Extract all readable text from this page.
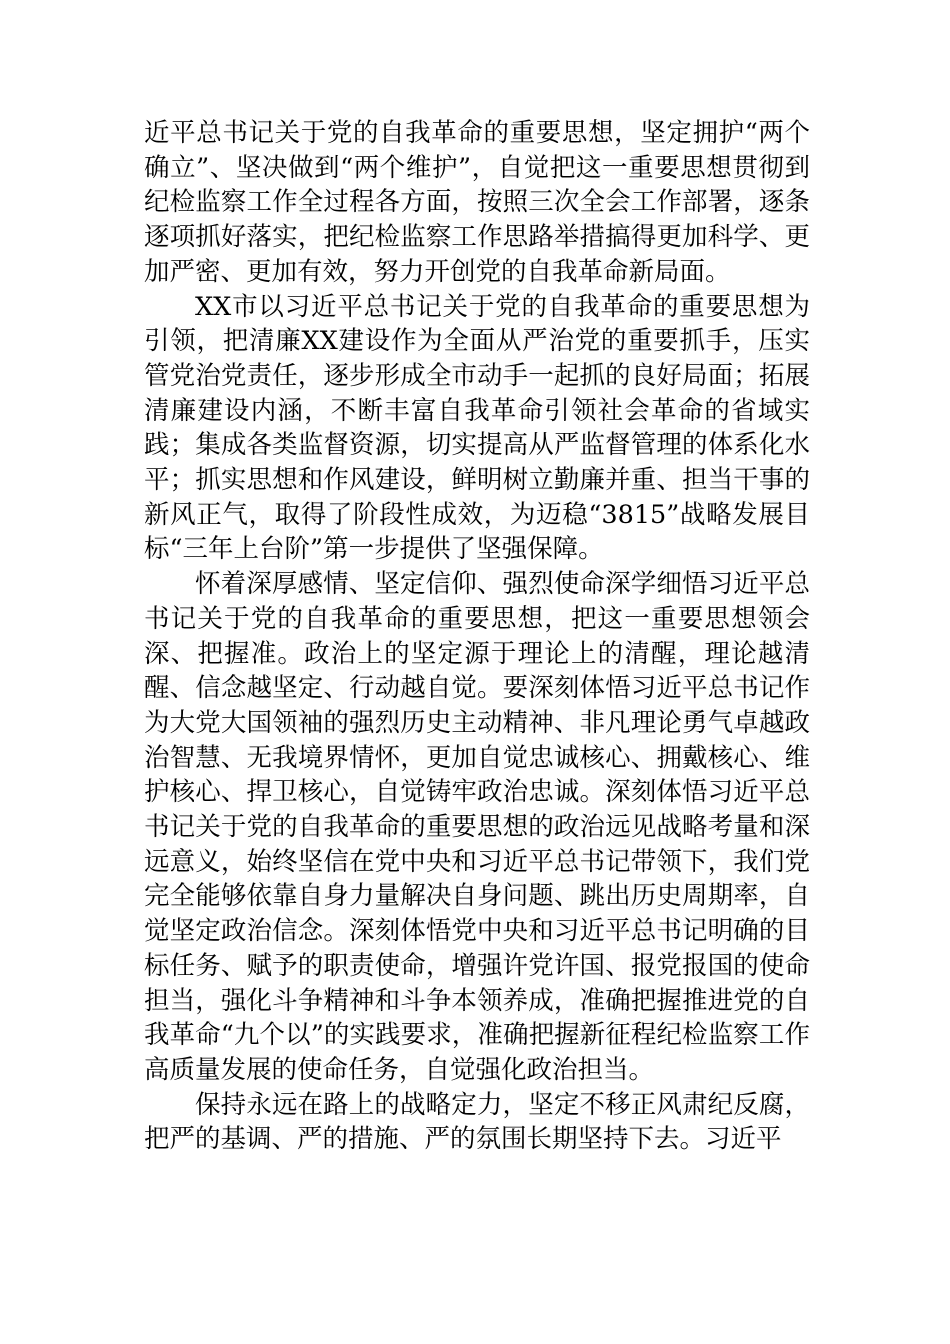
近平总书记关于党的自我革命的重要思想，坚定拥护“两个确立”、坚决做到“两个维护”，自觉把这一重要思想贯彻到纪检监察工作全过程各方面，按照三次全会工作部署，逐条逐项抓好落实，把纪检监察工作思路举措搞得更加科学、更加严密、更加有效，努力开创党的自我革命新局面。

XX市以习近平总书记关于党的自我革命的重要思想为引领，把清廉XX建设作为全面从严治党的重要抓手，压实管党治党责任，逐步形成全市动手一起抓的良好局面；拓展清廉建设内涵，不断丰富自我革命引领社会革命的省域实践；集成各类监督资源，切实提高从严监督管理的体系化水平；抓实思想和作风建设，鲜明树立勤廉并重、担当干事的新风正气，取得了阶段性成效，为迈稳“3815”战略发展目标“三年上台阶”第一步提供了坚强保障。

怀着深厚感情、坚定信仰、强烈使命深学细悟习近平总书记关于党的自我革命的重要思想，把这一重要思想领会深、把握准。政治上的坚定源于理论上的清醒，理论越清醒、信念越坚定、行动越自觉。要深刻体悟习近平总书记作为大党大国领袖的强烈历史主动精神、非凡理论勇气卓越政治智慧、无我境界情怀，更加自觉忠诚核心、拥戴核心、维护核心、捍卫核心，自觉铸牢政治忠诚。深刻体悟习近平总书记关于党的自我革命的重要思想的政治远见战略考量和深远意义，始终坚信在党中央和习近平总书记带领下，我们党完全能够依靠自身力量解决自身问题、跳出历史周期率，自觉坚定政治信念。深刻体悟党中央和习近平总书记明确的目标任务、赋予的职责使命，增强许党许国、报党报国的使命担当，强化斗争精神和斗争本领养成，准确把握推进党的自我革命“九个以”的实践要求，准确把握新征程纪检监察工作高质量发展的使命任务，自觉强化政治担当。

保持永远在路上的战略定力，坚定不移正风肃纪反腐，把严的基调、严的措施、严的氛围长期坚持下去。习近平
